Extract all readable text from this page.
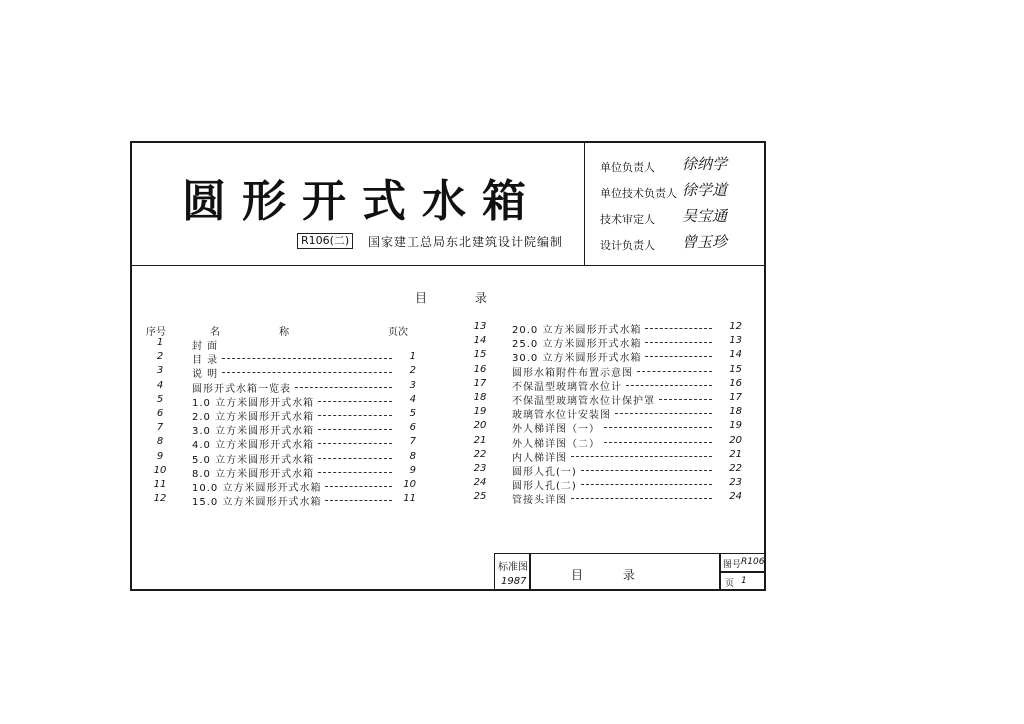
圆形开式水箱
R106(二)	国家建工总局东北建筑设计院编制
单位负责人 徐纳学
单位技术负责人 徐学道
技术审定人 吴宝通
设计负责人 曾玉珍
目 录
序号	名 称	页次
1	封 面
2	目 录	1
3	说 明	2
4	圆形开式水箱一览表	3
5	1.0 立方米圆形开式水箱	4
6	2.0 立方米圆形开式水箱	5
7	3.0 立方米圆形开式水箱	6
8	4.0 立方米圆形开式水箱	7
9	5.0 立方米圆形开式水箱	8
10	8.0 立方米圆形开式水箱	9
11	10.0 立方米圆形开式水箱	10
12	15.0 立方米圆形开式水箱	11
13	20.0 立方米圆形开式水箱	12
14	25.0 立方米圆形开式水箱	13
15	30.0 立方米圆形开式水箱	14
16	圆形水箱附件布置示意图	15
17	不保温型玻璃管水位计	16
18	不保温型玻璃管水位计保护罩	17
19	玻璃管水位计安装图	18
20	外人梯详图（一）	19
21	外人梯详图（二）	20
22	内人梯详图	21
23	圆形人孔(一)	22
24	圆形人孔(二)	23
25	管接头详图	24
标准图
1987	目 录
图号 R106
页 1
